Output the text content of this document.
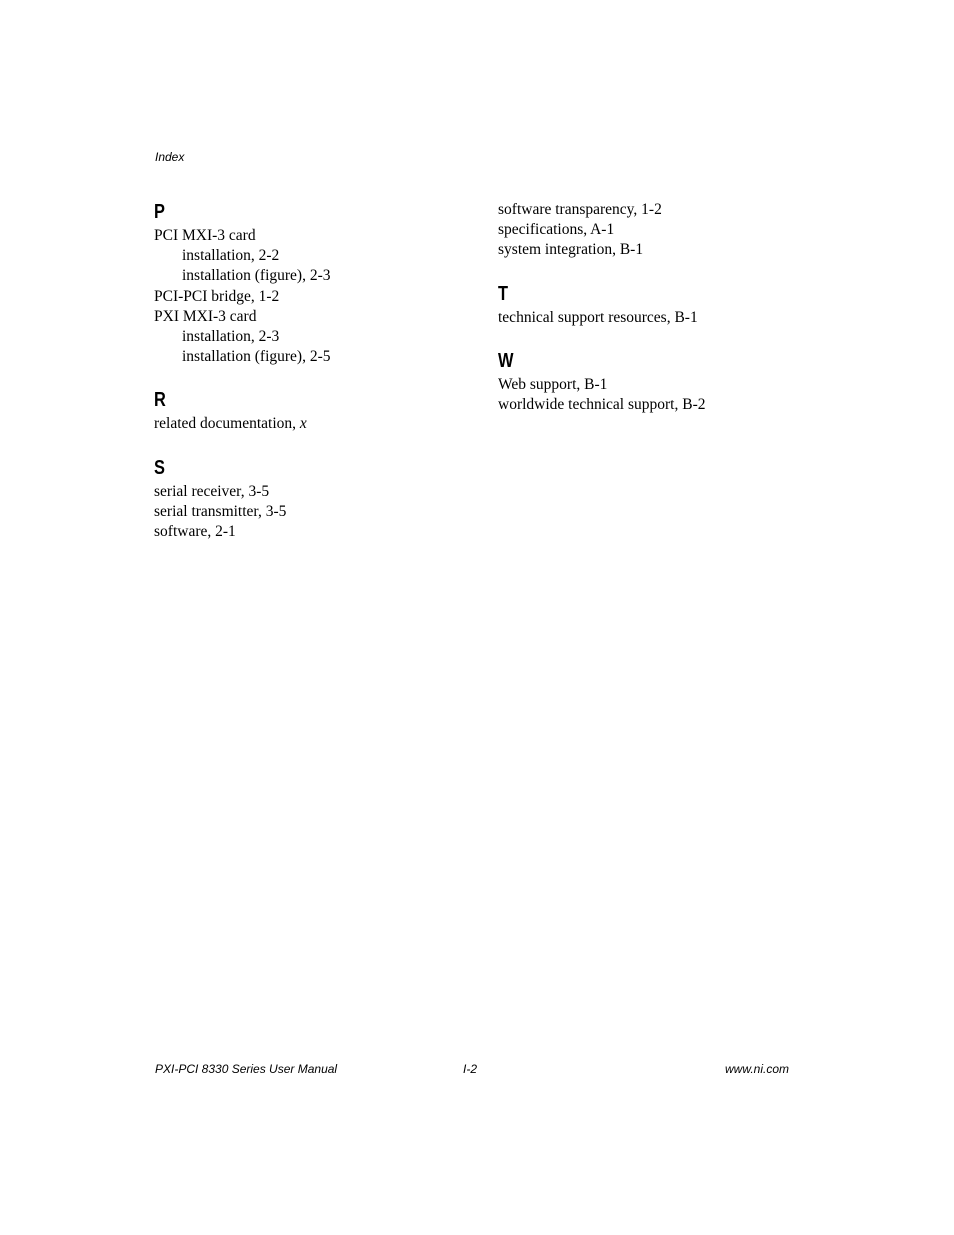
Index
P
PCI MXI-3 card
installation, 2-2
installation (figure), 2-3
PCI-PCI bridge, 1-2
PXI MXI-3 card
installation, 2-3
installation (figure), 2-5
R
related documentation, x
S
serial receiver, 3-5
serial transmitter, 3-5
software, 2-1
software transparency, 1-2
specifications, A-1
system integration, B-1
T
technical support resources, B-1
W
Web support, B-1
worldwide technical support, B-2
PXI-PCI 8330 Series User Manual	I-2	www.ni.com
